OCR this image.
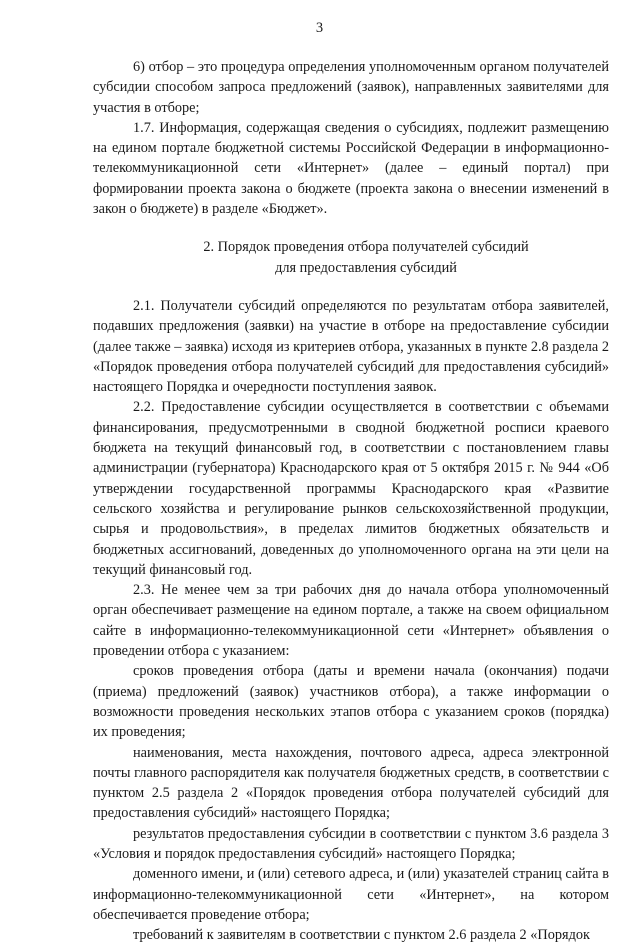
3

6) отбор – это процедура определения уполномоченным органом получателей субсидии способом запроса предложений (заявок), направленных заявителями для участия в отборе;

1.7. Информация, содержащая сведения о субсидиях, подлежит размещению на едином портале бюджетной системы Российской Федерации в информационно-телекоммуникационной сети «Интернет» (далее – единый портал) при формировании проекта закона о бюджете (проекта закона о внесении изменений в закон о бюджете) в разделе «Бюджет».

2. Порядок проведения отбора получателей субсидий
для предоставления субсидий

2.1. Получатели субсидий определяются по результатам отбора заявителей, подавших предложения (заявки) на участие в отборе на предоставление субсидии (далее также – заявка) исходя из критериев отбора, указанных в пункте 2.8 раздела 2 «Порядок проведения отбора получателей субсидий для предоставления субсидий» настоящего Порядка и очередности поступления заявок.

2.2. Предоставление субсидии осуществляется в соответствии с объемами финансирования, предусмотренными в сводной бюджетной росписи краевого бюджета на текущий финансовый год, в соответствии с постановлением главы администрации (губернатора) Краснодарского края от 5 октября 2015 г. № 944 «Об утверждении государственной программы Краснодарского края «Развитие сельского хозяйства и регулирование рынков сельскохозяйственной продукции, сырья и продовольствия», в пределах лимитов бюджетных обязательств и бюджетных ассигнований, доведенных до уполномоченного органа на эти цели на текущий финансовый год.

2.3. Не менее чем за три рабочих дня до начала отбора уполномоченный орган обеспечивает размещение на едином портале, а также на своем официальном сайте в информационно-телекоммуникационной сети «Интернет» объявления о проведении отбора с указанием:

сроков проведения отбора (даты и времени начала (окончания) подачи (приема) предложений (заявок) участников отбора), а также информации о возможности проведения нескольких этапов отбора с указанием сроков (порядка) их проведения;

наименования, места нахождения, почтового адреса, адреса электронной почты главного распорядителя как получателя бюджетных средств, в соответствии с пунктом 2.5 раздела 2 «Порядок проведения отбора получателей субсидий для предоставления субсидий» настоящего Порядка;

результатов предоставления субсидии в соответствии с пунктом 3.6 раздела 3 «Условия и порядок предоставления субсидий» настоящего Порядка;

доменного имени, и (или) сетевого адреса, и (или) указателей страниц сайта в информационно-телекоммуникационной сети «Интернет», на котором обеспечивается проведение отбора;

требований к заявителям в соответствии с пунктом 2.6 раздела 2 «Порядок
